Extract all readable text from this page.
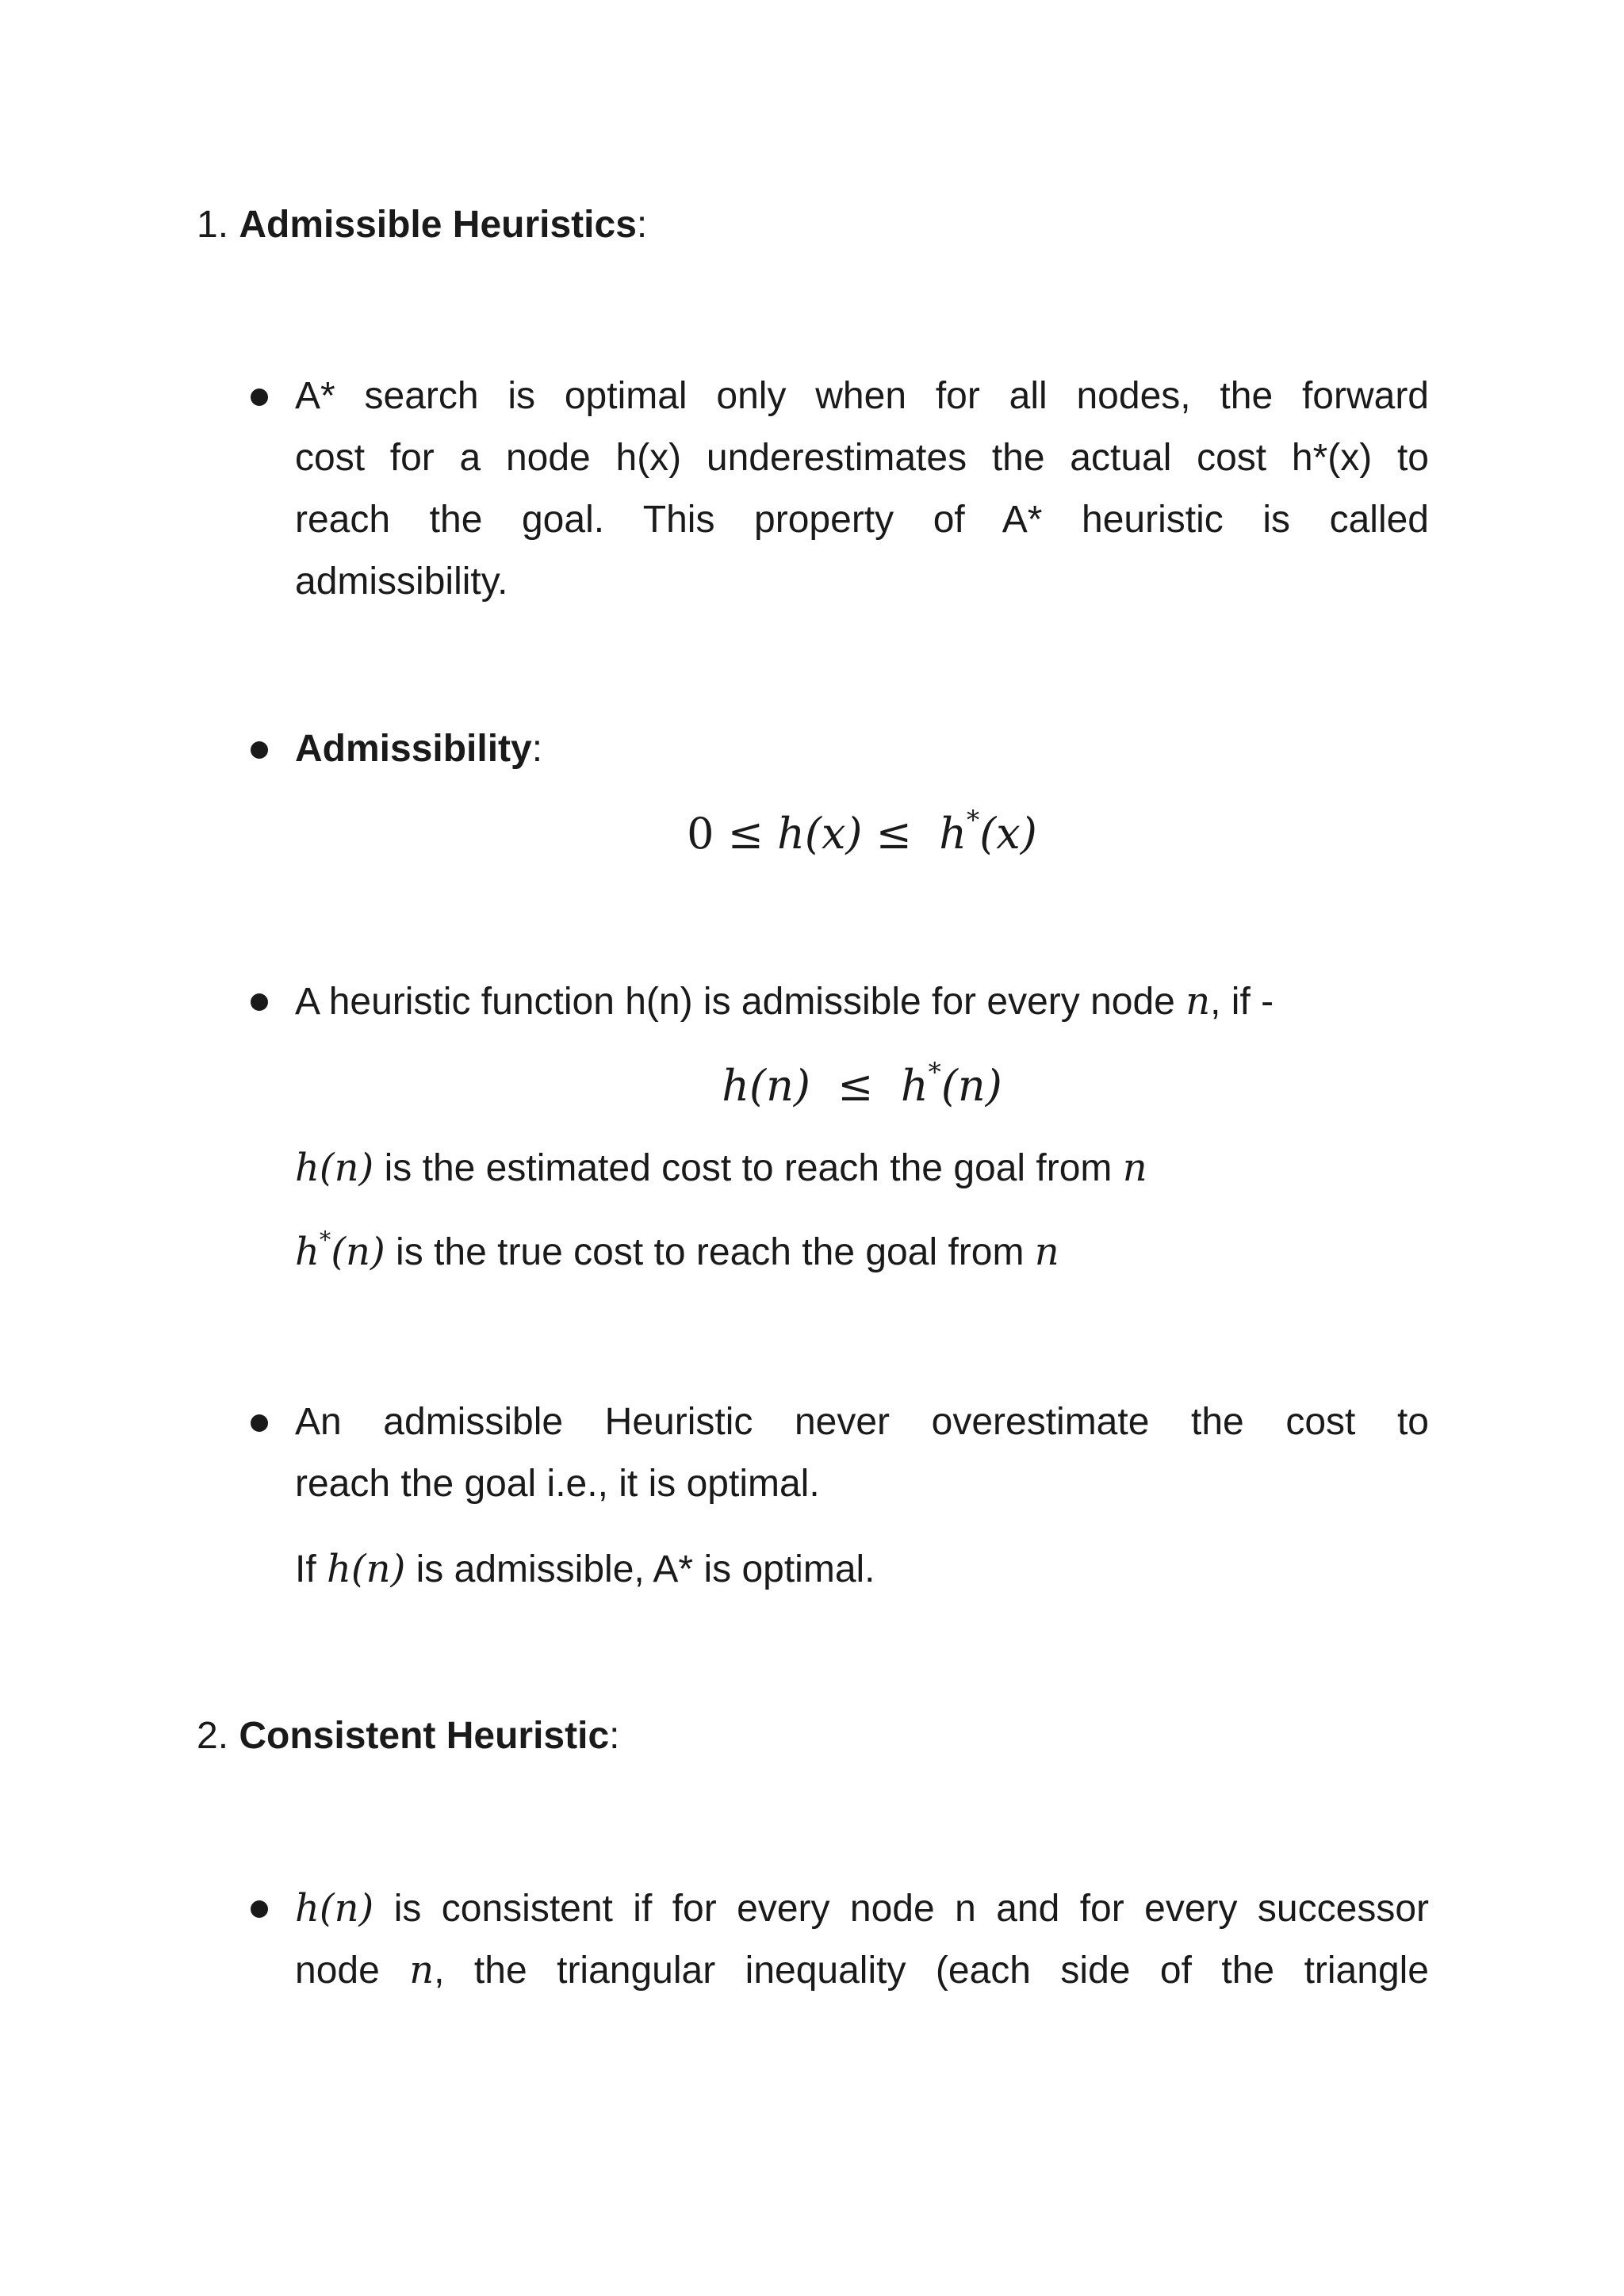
1. Admissible Heuristics:
A* search is optimal only when for all nodes, the forward
cost for a node h(x) underestimates the actual cost h*(x) to
reach the goal. This property of A* heuristic is called
admissibility.
Admissibility:
0 ≤ h(x) ≤ h*(x)
A heuristic function h(n) is admissible for every node n, if -
h(n) ≤ h*(n)
h(n) is the estimated cost to reach the goal from n
h*(n) is the true cost to reach the goal from n
An admissible Heuristic never overestimate the cost to
reach the goal i.e., it is optimal.
If h(n) is admissible, A* is optimal.
2. Consistent Heuristic:
h(n) is consistent if for every node n and for every successor
node n, the triangular inequality (each side of the triangle
